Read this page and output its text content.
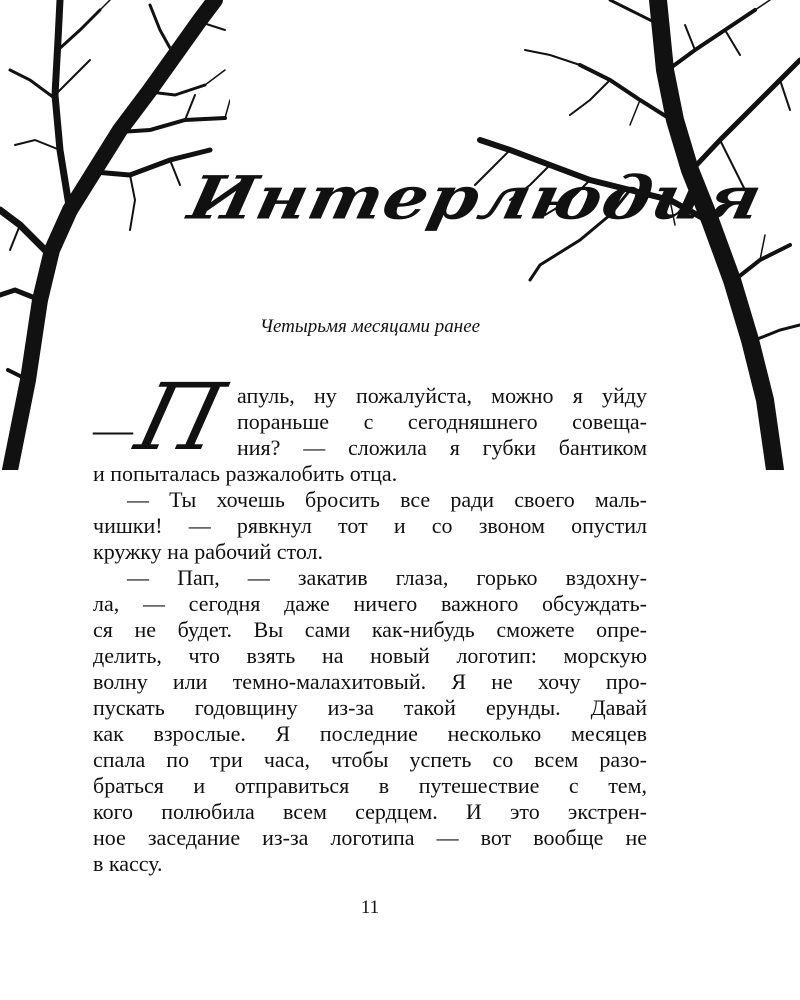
Интерлюдия
Четырьмя месяцами ранее
—
П апуль, ну пожалуйста, можно я уйду
пораньше с сегодняшнего совеща-
ния? — сложила я губки бантиком
и попыталась разжалобить отца.
— Ты хочешь бросить все ради своего маль-
чишки! — рявкнул тот и со звоном опустил
кружку на рабочий стол.
— Пап, — закатив глаза, горько вздохну-
ла, — сегодня даже ничего важного обсуждать-
ся не будет. Вы сами как-нибудь сможете опре-
делить, что взять на новый логотип: морскую
волну или темно-малахитовый. Я не хочу про-
пускать годовщину из-за такой ерунды. Давай
как взрослые. Я последние несколько месяцев
спала по три часа, чтобы успеть со всем разо-
браться и отправиться в путешествие с тем,
кого полюбила всем сердцем. И это экстрен-
ное заседание из-за логотипа — вот вообще не
в кассу.
11
